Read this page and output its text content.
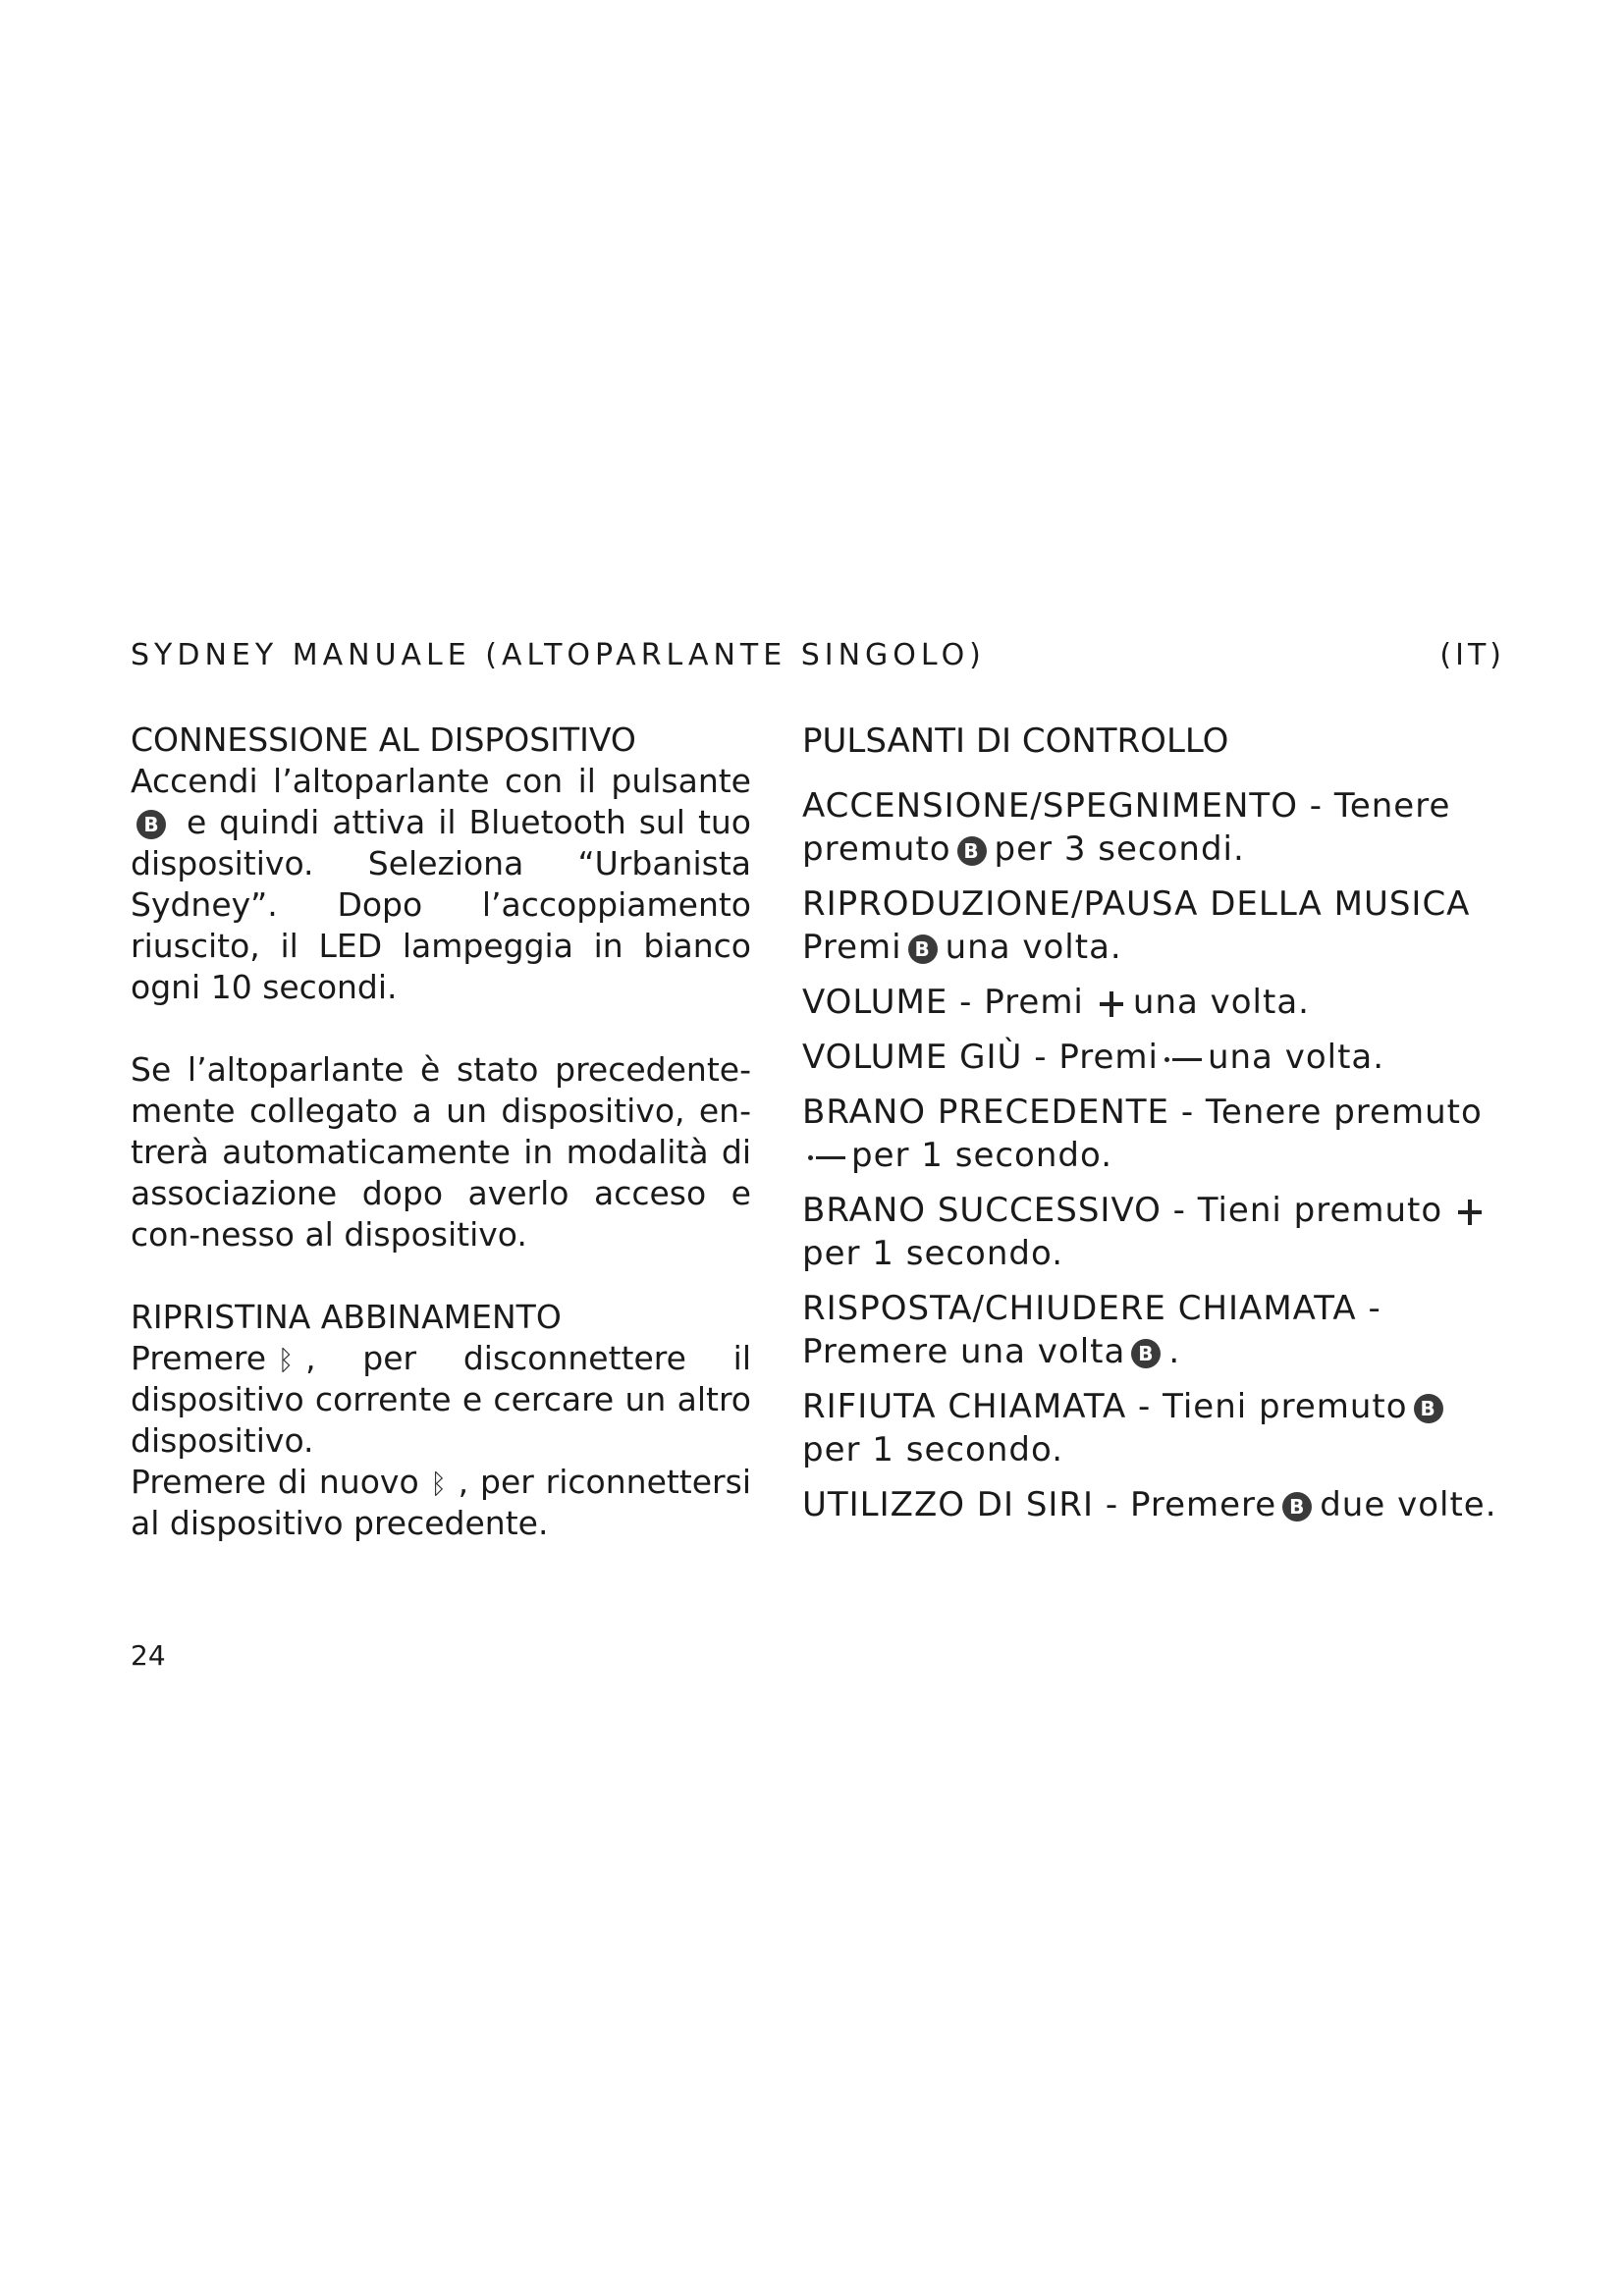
SYDNEY MANUALE (ALTOPARLANTE SINGOLO)	(IT)
CONNESSIONE AL DISPOSITIVO

Accendi l’altoparlante con il pulsanteB e quindi attiva il Bluetooth sul tuo dispositivo. Seleziona “Urbanista Sydney”. Dopo l’accoppiamento riuscito, il LED lampeggia in bianco ogni 10 secondi.

Se l’altoparlante è stato precedente-mente collegato a un dispositivo, en-trerà automaticamente in modalità di associazione dopo averlo acceso e con-nesso al dispositivo.

RIPRISTINA ABBINAMENTO

Premere ᛒ , per disconnettere il dispositivo corrente e cercare un altro dispositivo.

Premere di nuovo ᛒ , per riconnettersi al dispositivo precedente.

PULSANTI DI CONTROLLO

ACCENSIONE/SPEGNIMENTO - Tenere premuto B per 3 secondi.

RIPRODUZIONE/PAUSA DELLA MUSICA Premi B una volta.

VOLUME - Premi una volta.

VOLUME GIÙ - Premi una volta.

BRANO PRECEDENTE - Tenere premutoper 1 secondo.

BRANO SUCCESSIVO - Tieni premutoper 1 secondo.

RISPOSTA/CHIUDERE CHIAMATA - Premere una volta B .

RIFIUTA CHIAMATA - Tieni premuto Bper 1 secondo.

UTILIZZO DI SIRI - Premere B due volte.

24
